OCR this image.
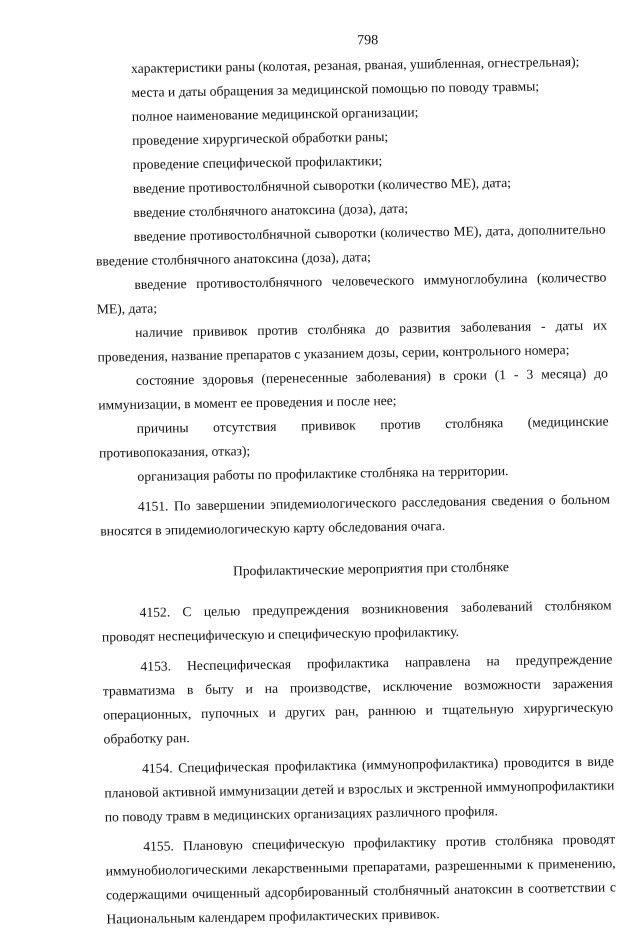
798

характеристики раны (колотая, резаная, рваная, ушибленная, огнестрельная);

места и даты обращения за медицинской помощью по поводу травмы;

полное наименование медицинской организации;

проведение хирургической обработки раны;

проведение специфической профилактики;

введение противостолбнячной сыворотки (количество МЕ), дата;

введение столбнячного анатоксина (доза), дата;

введение противостолбнячной сыворотки (количество МЕ), дата, дополнительно введение столбнячного анатоксина (доза), дата;

введение противостолбнячного человеческого иммуноглобулина (количество МЕ), дата;

наличие прививок против столбняка до развития заболевания - даты их проведения, название препаратов с указанием дозы, серии, контрольного номера;

состояние здоровья (перенесенные заболевания) в сроки (1 - 3 месяца) до иммунизации, в момент ее проведения и после нее;

причины отсутствия прививок против столбняка (медицинские противопоказания, отказ);

организация работы по профилактике столбняка на территории.

4151. По завершении эпидемиологического расследования сведения о больном вносятся в эпидемиологическую карту обследования очага.

Профилактические мероприятия при столбняке

4152. С целью предупреждения возникновения заболеваний столбняком проводят неспецифическую и специфическую профилактику.

4153. Неспецифическая профилактика направлена на предупреждение травматизма в быту и на производстве, исключение возможности заражения операционных, пупочных и других ран, раннюю и тщательную хирургическую обработку ран.

4154. Специфическая профилактика (иммунопрофилактика) проводится в виде плановой активной иммунизации детей и взрослых и экстренной иммунопрофилактики по поводу травм в медицинских организациях различного профиля.

4155. Плановую специфическую профилактику против столбняка проводят иммунобиологическими лекарственными препаратами, разрешенными к применению, содержащими очищенный адсорбированный столбнячный анатоксин в соответствии с Национальным календарем профилактических прививок.
